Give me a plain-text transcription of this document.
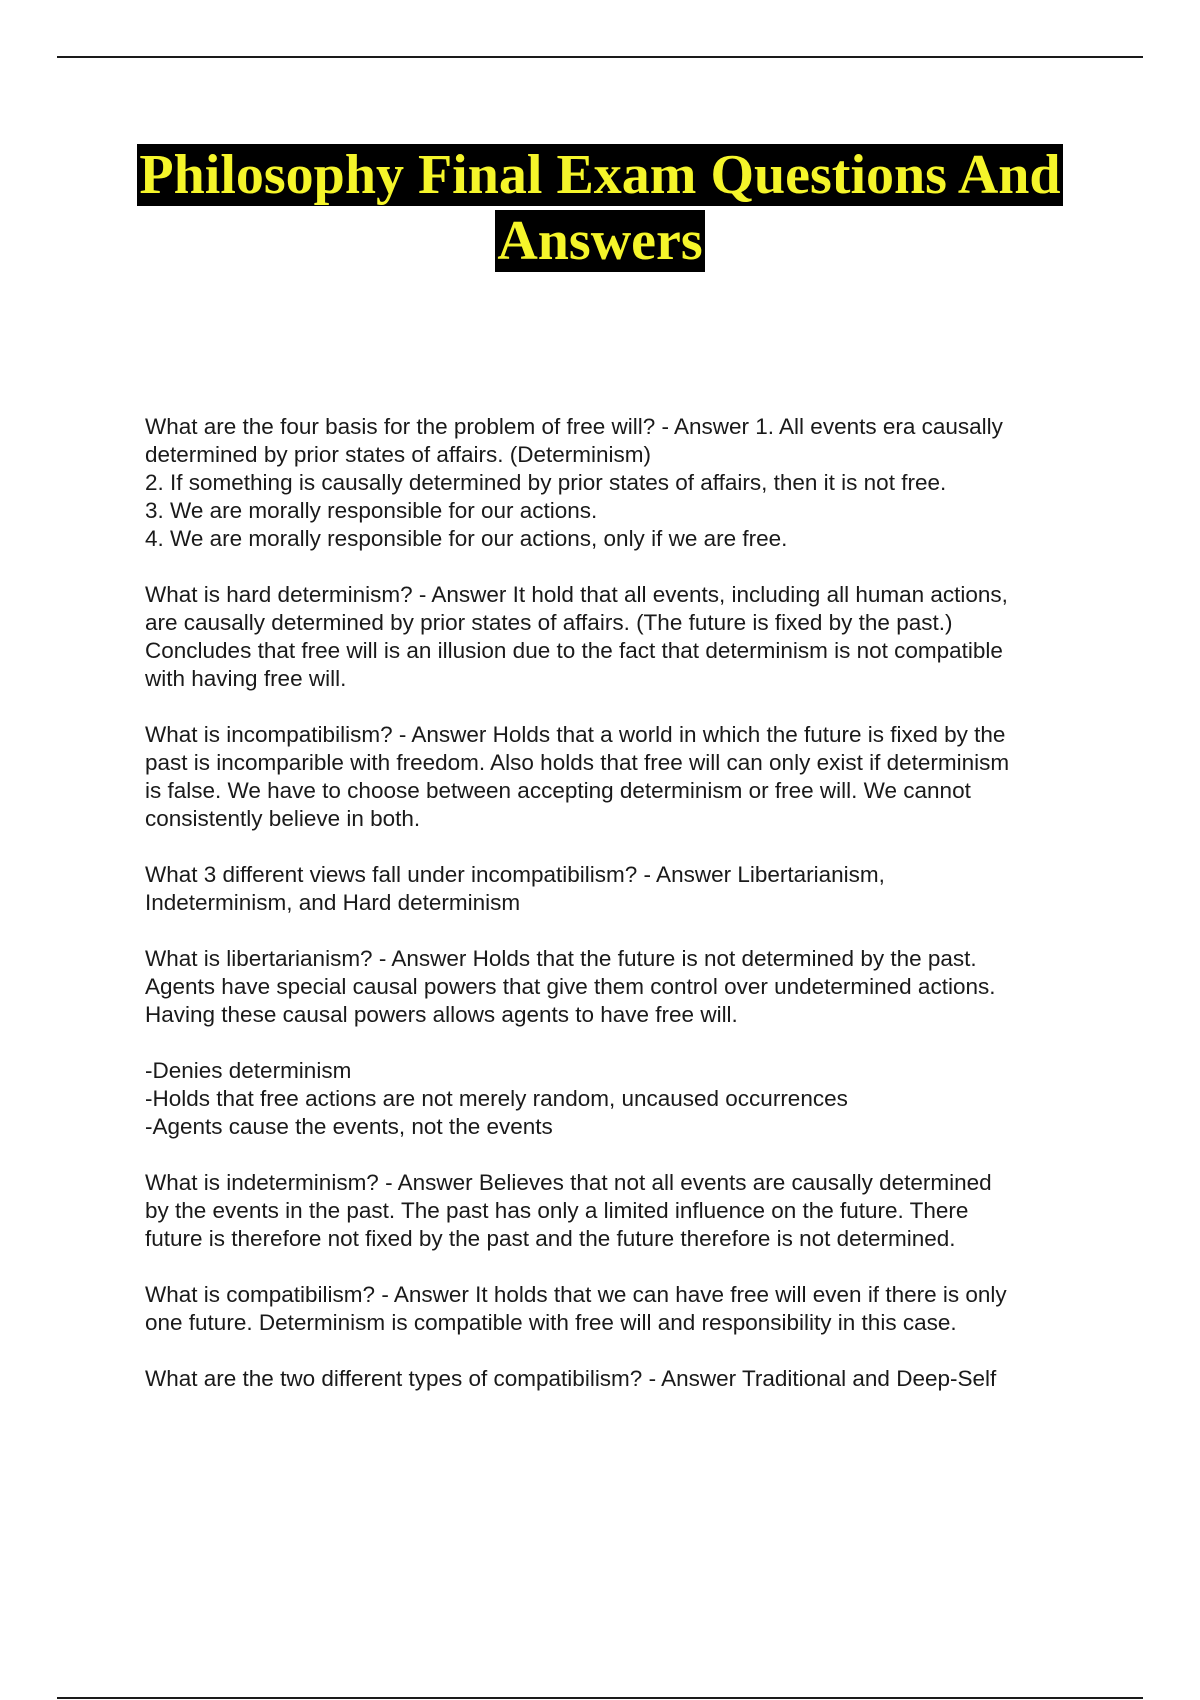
Philosophy Final Exam Questions And
Answers
What are the four basis for the problem of free will? - Answer 1. All events era causally
determined by prior states of affairs. (Determinism)
2. If something is causally determined by prior states of affairs, then it is not free.
3. We are morally responsible for our actions.
4. We are morally responsible for our actions, only if we are free.
What is hard determinism? - Answer It hold that all events, including all human actions,
are causally determined by prior states of affairs. (The future is fixed by the past.)
Concludes that free will is an illusion due to the fact that determinism is not compatible
with having free will.
What is incompatibilism? - Answer Holds that a world in which the future is fixed by the
past is incomparible with freedom. Also holds that free will can only exist if determinism
is false. We have to choose between accepting determinism or free will. We cannot
consistently believe in both.
What 3 different views fall under incompatibilism? - Answer Libertarianism,
Indeterminism, and Hard determinism
What is libertarianism? - Answer Holds that the future is not determined by the past.
Agents have special causal powers that give them control over undetermined actions.
Having these causal powers allows agents to have free will.
-Denies determinism
-Holds that free actions are not merely random, uncaused occurrences
-Agents cause the events, not the events
What is indeterminism? - Answer Believes that not all events are causally determined
by the events in the past. The past has only a limited influence on the future. There
future is therefore not fixed by the past and the future therefore is not determined.
What is compatibilism? - Answer It holds that we can have free will even if there is only
one future. Determinism is compatible with free will and responsibility in this case.
What are the two different types of compatibilism? - Answer Traditional and Deep-Self
